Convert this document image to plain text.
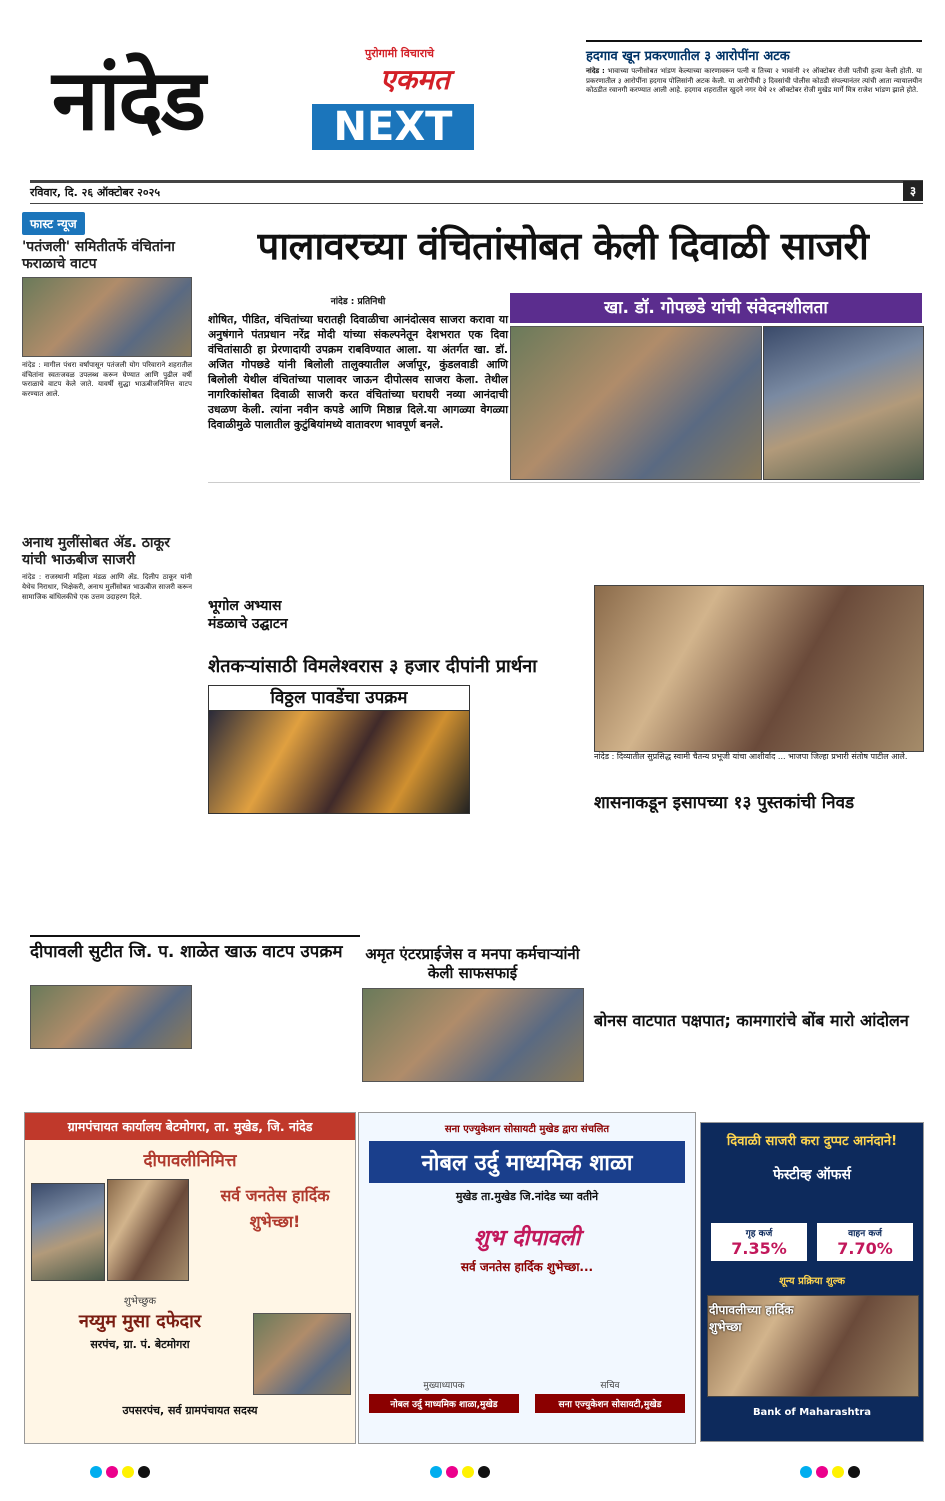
नांदेड	पुरोगामी विचाराचे
एकमत
NEXT
हदगाव खून प्रकरणातील ३ आरोपींना अटक
नांदेड : भावाच्या पत्नीसोबत भांडण केल्याच्या कारणावरून पत्नी व तिच्या २ भावांनी २१ ऑक्टोबर रोजी पतीची हत्या केली होती. या प्रकरणातील ३ आरोपींना हदगाव पोलिसांनी अटक केली. या आरोपींची ३ दिवसांची पोलीस कोठडी संपल्यानंतर त्यांची आता न्यायालयीन कोठडीत रवानगी करण्यात आली आहे. हदगाव शहरातील खुदने नगर येथे २१ ऑक्टोबर रोजी मुखेड मार्गे मित्र राजेश भांडण झाले होते.
रविवार, दि. २६ ऑक्टोबर २०२५	३
फास्ट न्यूज
'पतंजली' समितीतर्फे वंचितांना फराळाचे वाटप
नांदेड : मागील पंधरा वर्षांपासून पतंजली योग परिवाराने शहरातील वंचितांना स्वतःजवळ उपलब्ध करून घेण्यात आणि पुढील वर्षी फराळाचे वाटप केले जाते. यावर्षी सुद्धा भाऊबीजनिमित्त वाटप करण्यात आले.
अनाथ मुलींसोबत ॲड. ठाकूर यांची भाऊबीज साजरी
नांदेड : राजस्थानी महिला मंडळ आणि ॲड. दिलीप ठाकूर यांनी येथेच निराधार, भिक्षेकरी, अनाथ मुलींसोबत भाऊबीज साजरी करून सामाजिक बांधिलकीचे एक उत्तम उदाहरण दिले.
पालावरच्या वंचितांसोबत केली दिवाळी साजरी
नांदेड : प्रतिनिधी
शोषित, पीडित, वंचितांच्या घरातही दिवाळीचा आनंदोत्सव साजरा करावा या अनुषंगाने पंतप्रधान नरेंद्र मोदी यांच्या संकल्पनेतून देशभरात एक दिवा वंचितांसाठी हा प्रेरणादायी उपक्रम राबविण्यात आला. या अंतर्गत खा. डॉ. अजित गोपछडे यांनी बिलोली तालुक्यातील अर्जापूर, कुंडलवाडी आणि बिलोली येथील वंचितांच्या पालावर जाऊन दीपोत्सव साजरा केला. तेथील नागरिकांसोबत दिवाळी साजरी करत वंचितांच्या घराघरी नव्या आनंदाची उधळण केली. त्यांना नवीन कपडे आणि मिष्ठान्न दिले.या आगळ्या वेगळ्या दिवाळीमुळे पालातील कुटुंबियांमध्ये वातावरण भावपूर्ण बनले.
खा. डॉ. गोपछडे यांची संवेदनशीलता
भूगोल अभ्यास मंडळाचे उद्घाटन
शेतकऱ्यांसाठी विमलेश्वरास ३ हजार दीपांनी प्रार्थना
विठ्ठल पावडेंचा उपक्रम
नांदेड : दिव्यातील सुप्रसिद्ध स्वामी चैतन्य प्रभूजी यांचा आशीर्वाद ... भाजपा जिल्हा प्रभारी संतोष पाटील आले.
शासनाकडून इसापच्या १३ पुस्तकांची निवड
दीपावली सुटीत जि. प. शाळेत खाऊ वाटप उपक्रम	अमृत एंटरप्राईजेस व मनपा कर्मचाऱ्यांनी केली साफसफाई
बोनस वाटपात पक्षपात; कामगारांचे बोंब मारो आंदोलन
ग्रामपंचायत कार्यालय बेटमोगरा, ता. मुखेड, जि. नांदेड
दीपावलीनिमित्त
सर्व जनतेस हार्दिक शुभेच्छा!
शुभेच्छुक
नय्युम मुसा दफेदार
सरपंच, ग्रा. पं. बेटमोगरा
उपसरपंच, सर्व ग्रामपंचायत सदस्य
सना एज्युकेशन सोसायटी मुखेड द्वारा संचलित
नोबल उर्दु माध्यमिक शाळा
मुखेड ता.मुखेड जि.नांदेड च्या वतीने
शुभ दीपावली
सर्व जनतेस हार्दिक शुभेच्छा...
मुख्याध्यापक
नोबल उर्दु माध्यमिक शाळा,मुखेड
सचिव
सना एज्युकेशन सोसायटी,मुखेड
दिवाळी साजरी करा दुप्पट आनंदाने!
फेस्टीव्ह ऑफर्स
गृह कर्ज
7.35%
वाहन कर्ज
7.70%
शून्य प्रक्रिया शुल्क
दीपावलीच्या हार्दिक शुभेच्छा
Bank of Maharashtra
